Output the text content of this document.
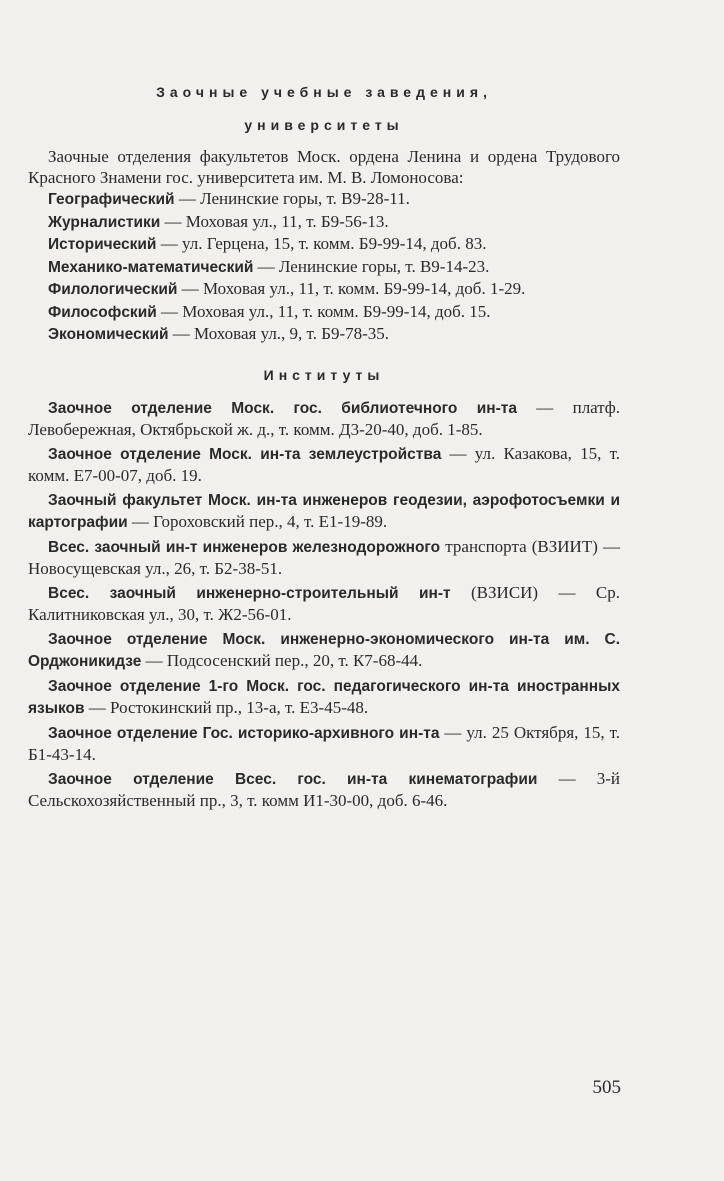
Заочные учебные заведения,

университеты

Заочные отделения факультетов Моск. ордена Ленина и ордена Трудового Красного Знамени гос. университета им. М. В. Ломоносова:

Географический — Ленинские горы, т. В9-28-11.

Журналистики — Моховая ул., 11, т. Б9-56-13.

Исторический — ул. Герцена, 15, т. комм. Б9-99-14, доб. 83.

Механико-математический — Ленинские горы, т. В9-14-23.

Филологический — Моховая ул., 11, т. комм. Б9-99-14, доб. 1-29.

Философский — Моховая ул., 11, т. комм. Б9-99-14, доб. 15.

Экономический — Моховая ул., 9, т. Б9-78-35.

Институты

Заочное отделение Моск. гос. библиотечного ин-та — платф. Левобережная, Октябрьской ж. д., т. комм. Д3-20-40, доб. 1-85.

Заочное отделение Моск. ин-та землеустройства — ул. Казакова, 15, т. комм. Е7-00-07, доб. 19.

Заочный факультет Моск. ин-та инженеров геодезии, аэрофотосъемки и картографии — Гороховский пер., 4, т. Е1-19-89.

Всес. заочный ин-т инженеров железнодорожного транспорта (ВЗИИТ) — Новосущевская ул., 26, т. Б2-38-51.

Всес. заочный инженерно-строительный ин-т (ВЗИСИ) — Ср. Калитниковская ул., 30, т. Ж2-56-01.

Заочное отделение Моск. инженерно-экономического ин-та им. С. Орджоникидзе — Подсосенский пер., 20, т. К7-68-44.

Заочное отделение 1-го Моск. гос. педагогического ин-та иностранных языков — Ростокинский пр., 13-а, т. Е3-45-48.

Заочное отделение Гос. историко-архивного ин-та — ул. 25 Октября, 15, т. Б1-43-14.

Заочное отделение Всес. гос. ин-та кинематографии — 3-й Сельскохозяйственный пр., 3, т. комм И1-30-00, доб. 6-46.

505
